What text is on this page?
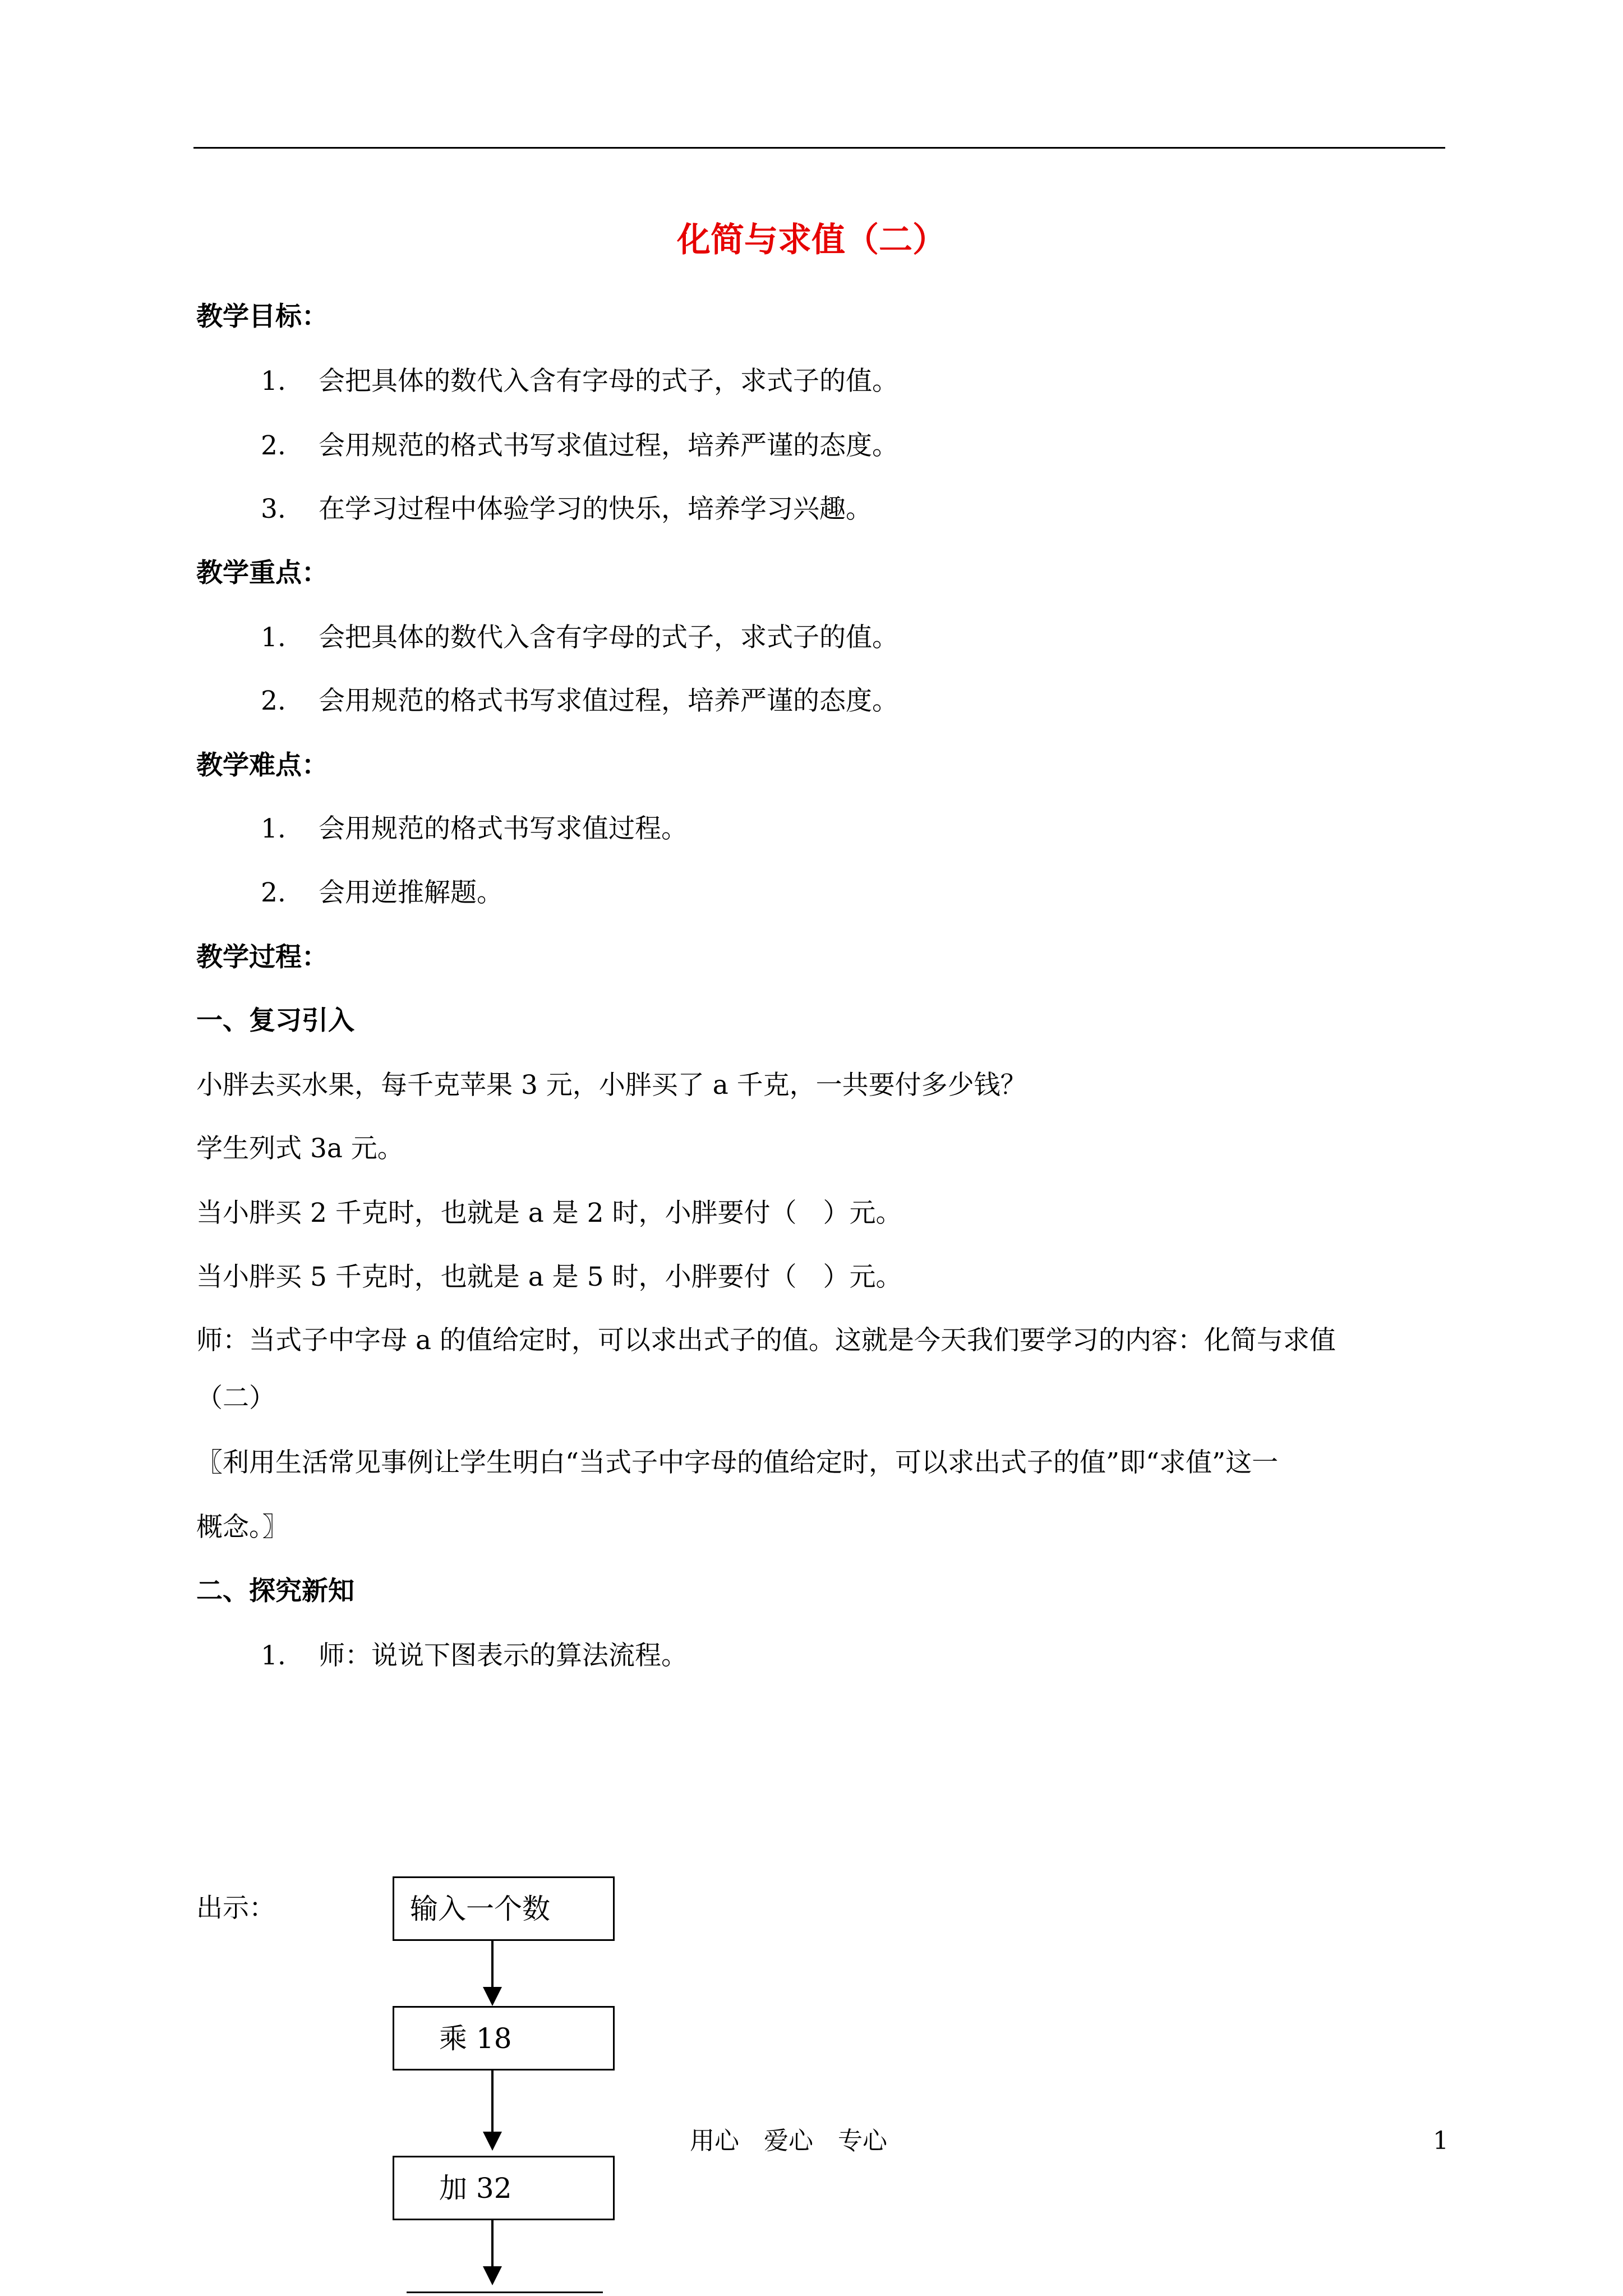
化简与求值（二）
教学目标：
1. 会把具体的数代入含有字母的式子，求式子的值。
2. 会用规范的格式书写求值过程，培养严谨的态度。
3. 在学习过程中体验学习的快乐，培养学习兴趣。
教学重点：
1. 会把具体的数代入含有字母的式子，求式子的值。
2. 会用规范的格式书写求值过程，培养严谨的态度。
教学难点：
1. 会用规范的格式书写求值过程。
2. 会用逆推解题。
教学过程：
一、复习引入
小胖去买水果，每千克苹果 3 元，小胖买了 a 千克，一共要付多少钱？
学生列式 3a 元。
当小胖买 2 千克时，也就是 a 是 2 时，小胖要付（　）元。
当小胖买 5 千克时，也就是 a 是 5 时，小胖要付（　）元。
师：当式子中字母 a 的值给定时，可以求出式子的值。这就是今天我们要学习的内容：化简与求值
（二）
〖利用生活常见事例让学生明白“当式子中字母的值给定时，可以求出式子的值”即“求值”这一
概念。〗
二、探究新知
1. 师：说说下图表示的算法流程。
出示：	输入一个数
乘 18
加 32
用心　爱心　专心	1
